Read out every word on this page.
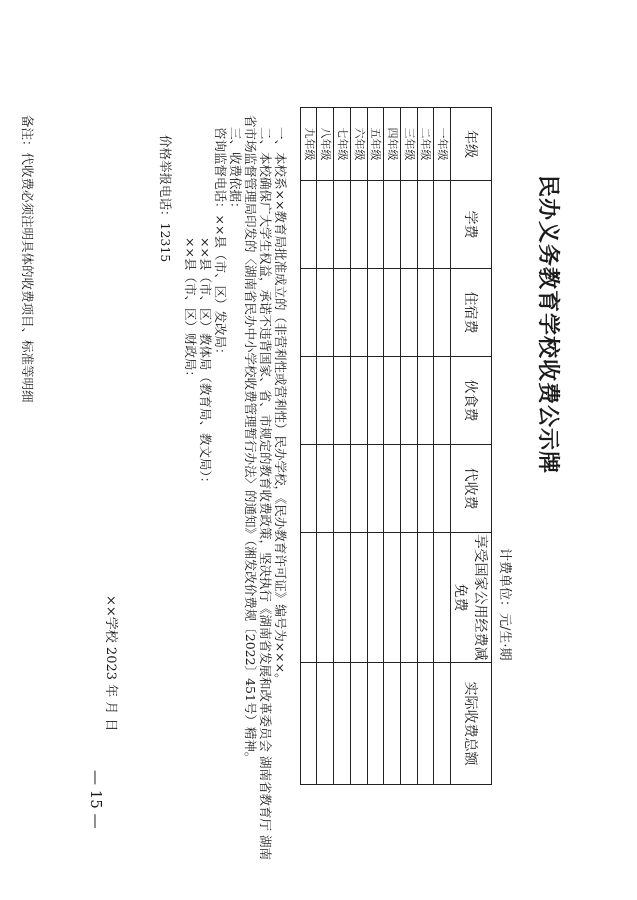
民办义务教育学校收费公示牌
计费单位：元/生·期
年级	学费	住宿费	伙食费	代收费	享受国家公用经费减免费	实际收费总额
一年级						
二年级						
三年级						
四年级						
五年级						
六年级						
七年级						
八年级						
九年级						
一、本校系××教育局批准成立的（非营利性或营利性）民办学校，《民办教育许可证》编号为×××。
二、本校确保广大学生权益，承诺不违背国家、省、市规定的教育收费政策，坚决执行《湖南省发展和改革委员会 湖南省教育厅 湖南
省市场监督管理局印发的〈湖南省民办中小学校收费管理暂行办法〉的通知》（湘发改价费规〔2022〕451号）精神。
三、收费依据：
咨询监督电话：××县（市、区）发改局：
××县（市、区）教体局（教育局、教文局）：
××县（市、区）财政局：
价格举报电话：12315
××学校 2023 年 月 日
备注：代收费必须注明具体的收费项目、标准等明细
— 15 —
